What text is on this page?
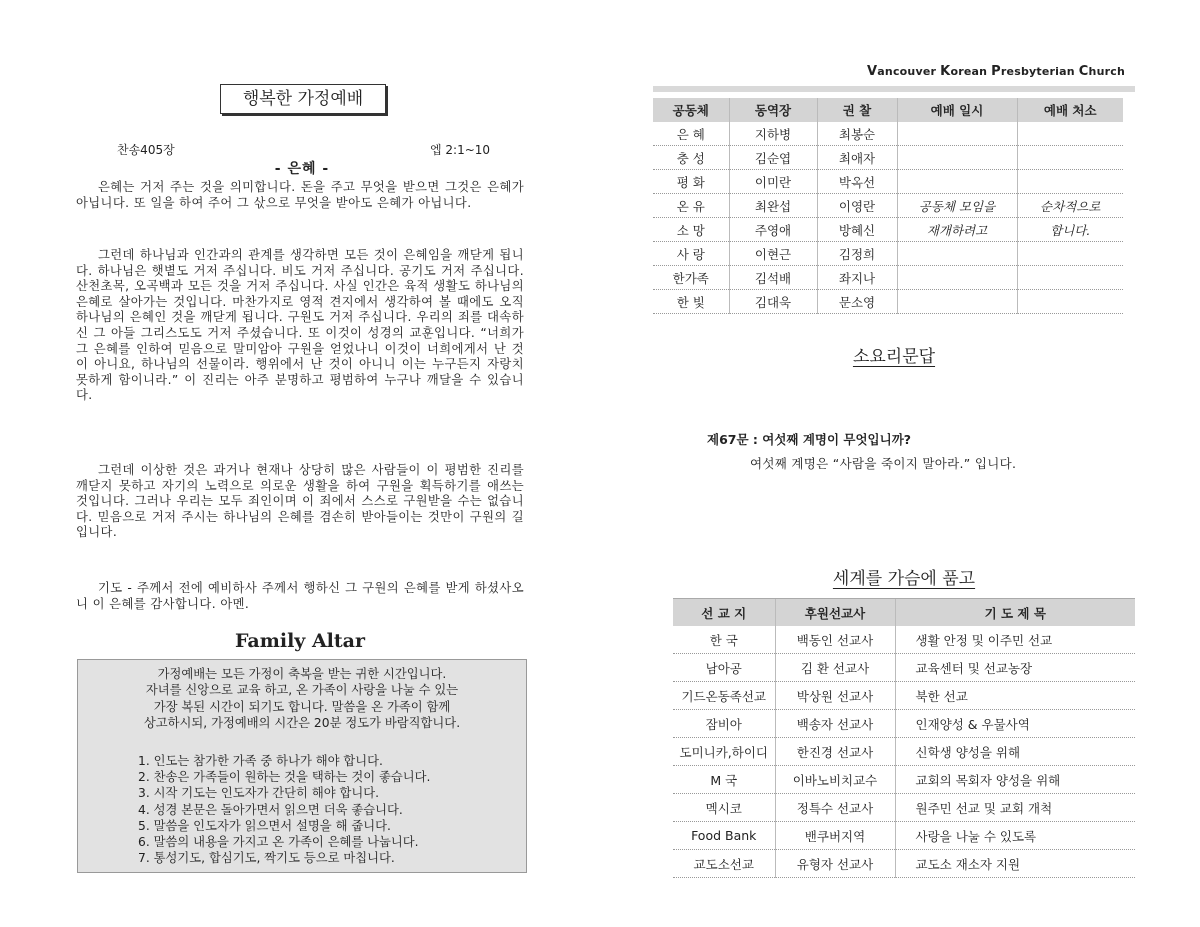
행복한 가정예배
찬송405장	엡 2:1~10
- 은혜 -

은혜는 거저 주는 것을 의미합니다. 돈을 주고 무엇을 받으면 그것은 은혜가 아닙니다. 또 일을 하여 주어 그 삯으로 무엇을 받아도 은혜가 아닙니다.

그런데 하나님과 인간과의 관계를 생각하면 모든 것이 은혜임을 깨닫게 됩니다. 하나님은 햇볕도 거저 주십니다. 비도 거저 주십니다. 공기도 거저 주십니다. 산천초목, 오곡백과 모든 것을 거저 주십니다. 사실 인간은 육적 생활도 하나님의 은혜로 살아가는 것입니다. 마찬가지로 영적 견지에서 생각하여 볼 때에도 오직 하나님의 은혜인 것을 깨닫게 됩니다. 구원도 거저 주십니다. 우리의 죄를 대속하신 그 아들 그리스도도 거저 주셨습니다. 또 이것이 성경의 교훈입니다. “너희가 그 은혜를 인하여 믿음으로 말미암아 구원을 얻었나니 이것이 너희에게서 난 것이 아니요, 하나님의 선물이라. 행위에서 난 것이 아니니 이는 누구든지 자랑치 못하게 함이니라.” 이 진리는 아주 분명하고 평범하여 누구나 깨달을 수 있습니다.

그런데 이상한 것은 과거나 현재나 상당히 많은 사람들이 이 평범한 진리를 깨닫지 못하고 자기의 노력으로 의로운 생활을 하여 구원을 획득하기를 애쓰는 것입니다. 그러나 우리는 모두 죄인이며 이 죄에서 스스로 구원받을 수는 없습니다. 믿음으로 거저 주시는 하나님의 은혜를 겸손히 받아들이는 것만이 구원의 길입니다.

기도 - 주께서 전에 예비하사 주께서 행하신 그 구원의 은혜를 받게 하셨사오니 이 은혜를 감사합니다. 아멘.

Family Altar

가정예배는 모든 가정이 축복을 받는 귀한 시간입니다.
자녀를 신앙으로 교육 하고, 온 가족이 사랑을 나눌 수 있는
가장 복된 시간이 되기도 합니다. 말씀을 온 가족이 함께
상고하시되, 가정예배의 시간은 20분 정도가 바람직합니다.

1. 인도는 참가한 가족 중 하나가 해야 합니다.
2. 찬송은 가족들이 원하는 것을 택하는 것이 좋습니다.
3. 시작 기도는 인도자가 간단히 해야 합니다.
4. 성경 본문은 돌아가면서 읽으면 더욱 좋습니다.
5. 말씀을 인도자가 읽으면서 설명을 해 줍니다.
6. 말씀의 내용을 가지고 온 가족이 은혜를 나눕니다.
7. 통성기도, 합심기도, 짝기도 등으로 마칩니다.
Vancouver Korean Presbyterian Church
공동체	동역장	권 찰	예배 일시	예배 처소
은 혜	지하병	최봉순		
충 성	김순엽	최애자		
평 화	이미란	박옥선		
온 유	최완섭	이영란	공동체 모임을	순차적으로
소 망	주영애	방혜신	재개하려고	합니다.
사 랑	이현근	김정희		
한가족	김석배	좌지나		
한 빛	김대욱	문소영		
소요리문답
제67문 : 여섯째 계명이 무엇입니까?

여섯째 계명은 “사람을 죽이지 말아라.” 입니다.

세계를 가슴에 품고
선 교 지	후원선교사	기 도 제 목
한 국	백동인 선교사	생활 안정 및 이주민 선교
남아공	김 환 선교사	교육센터 및 선교농장
기드온동족선교	박상원 선교사	북한 선교
잠비아	백송자 선교사	인재양성 & 우물사역
도미니카,하이디	한진경 선교사	신학생 양성을 위해
M 국	이바노비치교수	교회의 목회자 양성을 위해
멕시코	정특수 선교사	원주민 선교 및 교회 개척
Food Bank	밴쿠버지역	사랑을 나눌 수 있도록
교도소선교	유형자 선교사	교도소 재소자 지원
